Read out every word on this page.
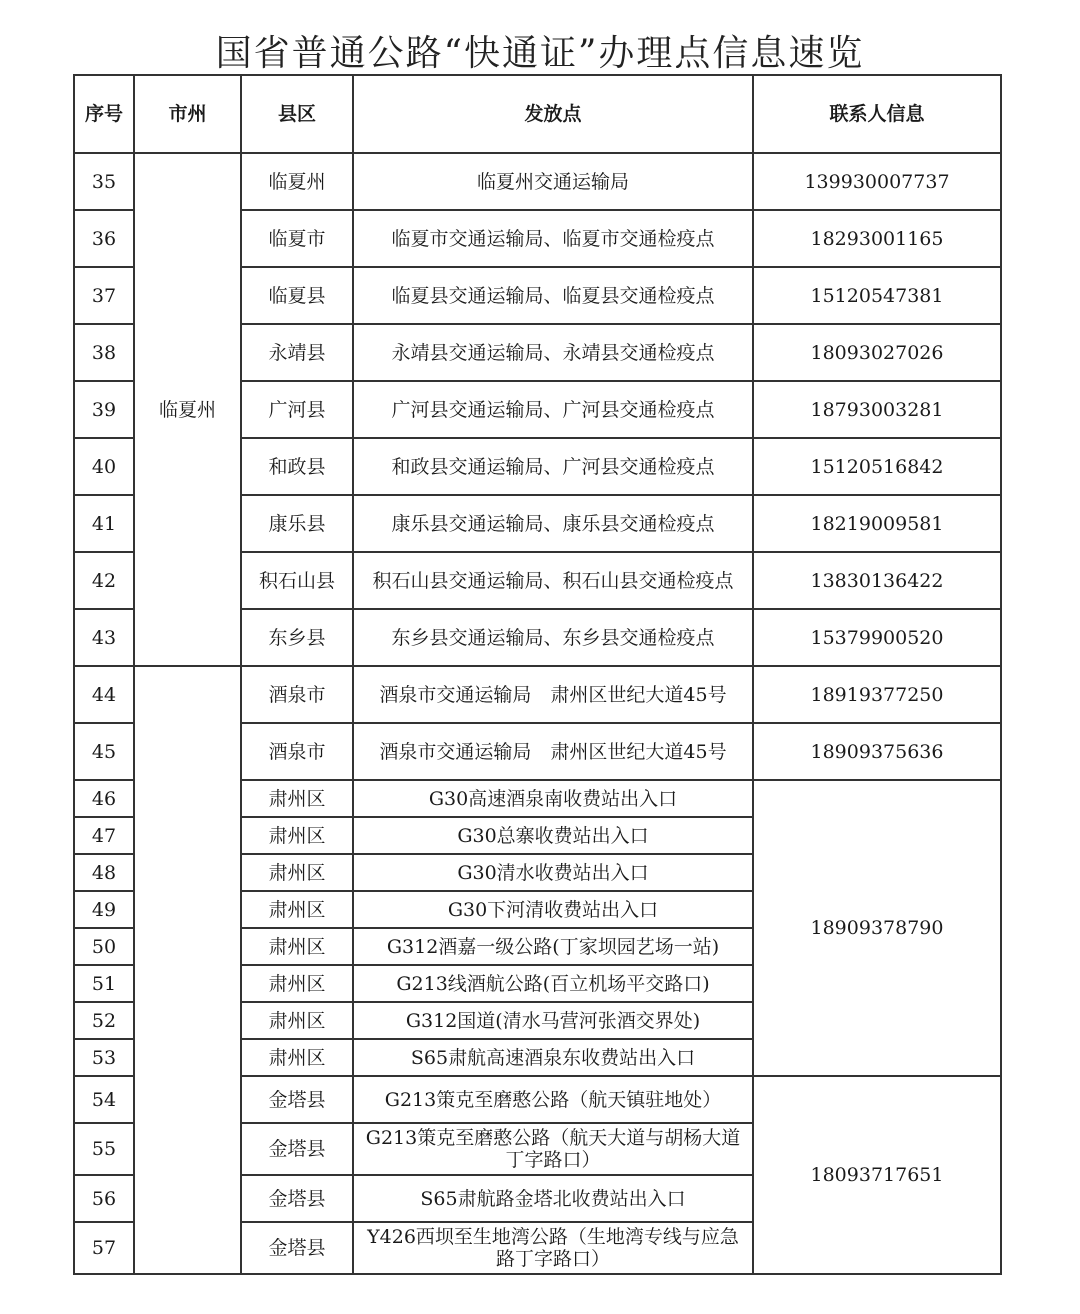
国省普通公路“快通证”办理点信息速览
序号	市州	县区	发放点	联系人信息
35	临夏州	临夏州	临夏州交通运输局	13993000​7737
36		临夏市	临夏市交通运输局、临夏市交通检疫点	18293001165
37		临夏县	临夏县交通运输局、临夏县交通检疫点	15120547381
38		永靖县	永靖县交通运输局、永靖县交通检疫点	18093027026
39		广河县	广河县交通运输局、广河县交通检疫点	18793003281
40		和政县	和政县交通运输局、广河县交通检疫点	15120516842
41		康乐县	康乐县交通运输局、康乐县交通检疫点	18219009581
42		积石山县	积石山县交通运输局、积石山县交通检疫点	13830136422
43		东乡县	东乡县交通运输局、东乡县交通检疫点	15379900520
44		酒泉市	酒泉市交通运输局　肃州区世纪大道45号	18919377250
45		酒泉市	酒泉市交通运输局　肃州区世纪大道45号	18909375636
46		肃州区	G30高速酒泉南收费站出入口	18909378790
47		肃州区	G30总寨收费站出入口	
48		肃州区	G30清水收费站出入口	
49		肃州区	G30下河清收费站出入口	
50		肃州区	G312酒嘉一级公路(丁家坝园艺场一站)	
51		肃州区	G213线酒航公路(百立机场平交路口)	
52		肃州区	G312国道(清水马营河张酒交界处)	
53		肃州区	S65肃航高速酒泉东收费站出入口	
54		金塔县	G213策克至磨憨公路（航天镇驻地处）	18093717651
55		金塔县	G213策克至磨憨公路（航天大道与胡杨大道丁字路口）	
56		金塔县	S65肃航路金塔北收费站出入口	
57		金塔县	Y426西坝至生地湾公路（生地湾专线与应急路丁字路口）	
